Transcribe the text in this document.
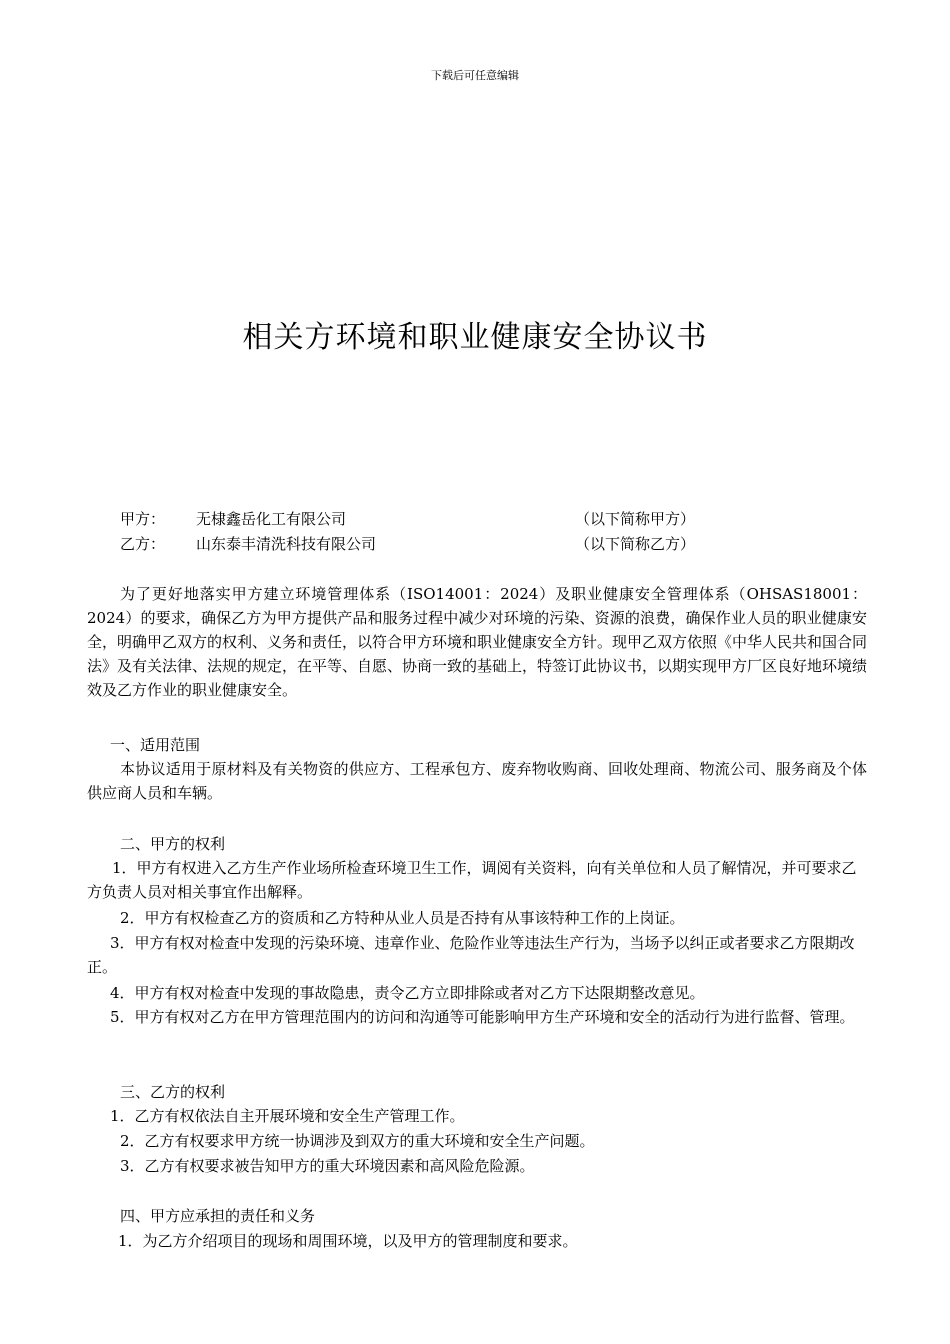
下载后可任意编辑
相关方环境和职业健康安全协议书
甲方： 无棣鑫岳化工有限公司	（以下简称甲方）
乙方： 山东泰丰清洗科技有限公司	（以下简称乙方）
为了更好地落实甲方建立环境管理体系（ISO14001：2024）及职业健康安全管理体系（OHSAS18001：2024）的要求，确保乙方为甲方提供产品和服务过程中减少对环境的污染、资源的浪费，确保作业人员的职业健康安全，明确甲乙双方的权利、义务和责任，以符合甲方环境和职业健康安全方针。现甲乙双方依照《中华人民共和国合同法》及有关法律、法规的规定，在平等、自愿、协商一致的基础上，特签订此协议书，以期实现甲方厂区良好地环境绩效及乙方作业的职业健康安全。
一、适用范围
本协议适用于原材料及有关物资的供应方、工程承包方、废弃物收购商、回收处理商、物流公司、服务商及个体供应商人员和车辆。
二、甲方的权利
1．甲方有权进入乙方生产作业场所检查环境卫生工作，调阅有关资料，向有关单位和人员了解情况，并可要求乙方负责人员对相关事宜作出解释。
2．甲方有权检查乙方的资质和乙方特种从业人员是否持有从事该特种工作的上岗证。
3．甲方有权对检查中发现的污染环境、违章作业、危险作业等违法生产行为，当场予以纠正或者要求乙方限期改正。
4．甲方有权对检查中发现的事故隐患，责令乙方立即排除或者对乙方下达限期整改意见。
5．甲方有权对乙方在甲方管理范围内的访问和沟通等可能影响甲方生产环境和安全的活动行为进行监督、管理。
三、乙方的权利
1．乙方有权依法自主开展环境和安全生产管理工作。
2．乙方有权要求甲方统一协调涉及到双方的重大环境和安全生产问题。
3．乙方有权要求被告知甲方的重大环境因素和高风险危险源。
四、甲方应承担的责任和义务
1．为乙方介绍项目的现场和周围环境，以及甲方的管理制度和要求。
